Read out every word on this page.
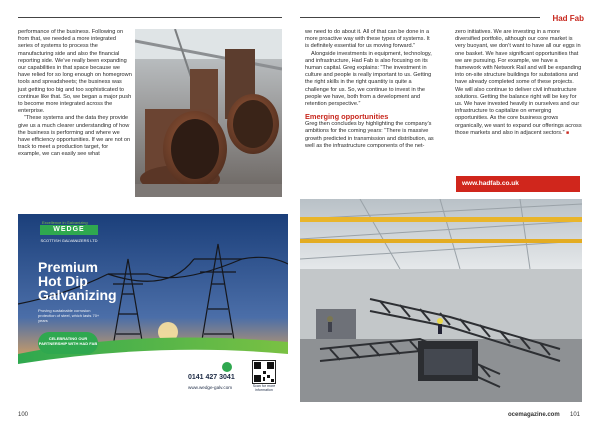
Had Fab

performance of the business. Following on from that, we needed a more integrated series of systems to process the manufacturing side and also the financial reporting side. We’ve really been expanding our capabilities in that space because we have relied for so long enough on homegrown tools and spreadsheets; the business was just getting too big and too sophisticated to continue like that. So, we began a major push to become more integrated across the enterprise.

“These systems and the data they provide give us a much clearer understanding of how the business is performing and where we have efficiency opportunities. If we are not on track to meet a production target, for example, we can easily see what

we need to do about it. All of that can be done in a more proactive way with these types of systems. It is definitely essential for us moving forward.”

Alongside investments in equipment, technology, and infrastructure, Had Fab is also focusing on its human capital. Greg explains: “The investment in culture and people is really important to us. Getting the right skills in the right quantity is quite a challenge for us. So, we continue to invest in the people we have, both from a development and retention perspective.”

Emerging opportunities

Greg then concludes by highlighting the company’s ambitions for the coming years: “There is massive growth predicted in transmission and distribution, as well as the infrastructure components of the net-

zero initiatives. We are investing in a more diversified portfolio, although our core market is very buoyant, we don’t want to have all our eggs in one basket. We have significant opportunities that we are pursuing. For example, we have a framework with Network Rail and will be expanding into on-site structure buildings for substations and have already completed some of these projects. We will also continue to deliver civil infrastructure solutions. Getting the balance right will be key for us. We have invested heavily in ourselves and our infrastructure to capitalize on emerging opportunities. As the core business grows organically, we want to expand our offerings across those markets and also in adjacent sectors.” ■

www.hadfab.co.uk
Excellence in Galvanizing
WEDGE
SCOTTISH GALVANIZERS LTD
Premium
Hot Dip
Galvanizing
Proving sustainable corrosion protection of steel, which lasts 70+ years
CELEBRATING OUR PARTNERSHIP WITH HAD FAB
0141 427 3041
www.wedge-galv.com	Scan for more information
100	ocemagazine.com 101
